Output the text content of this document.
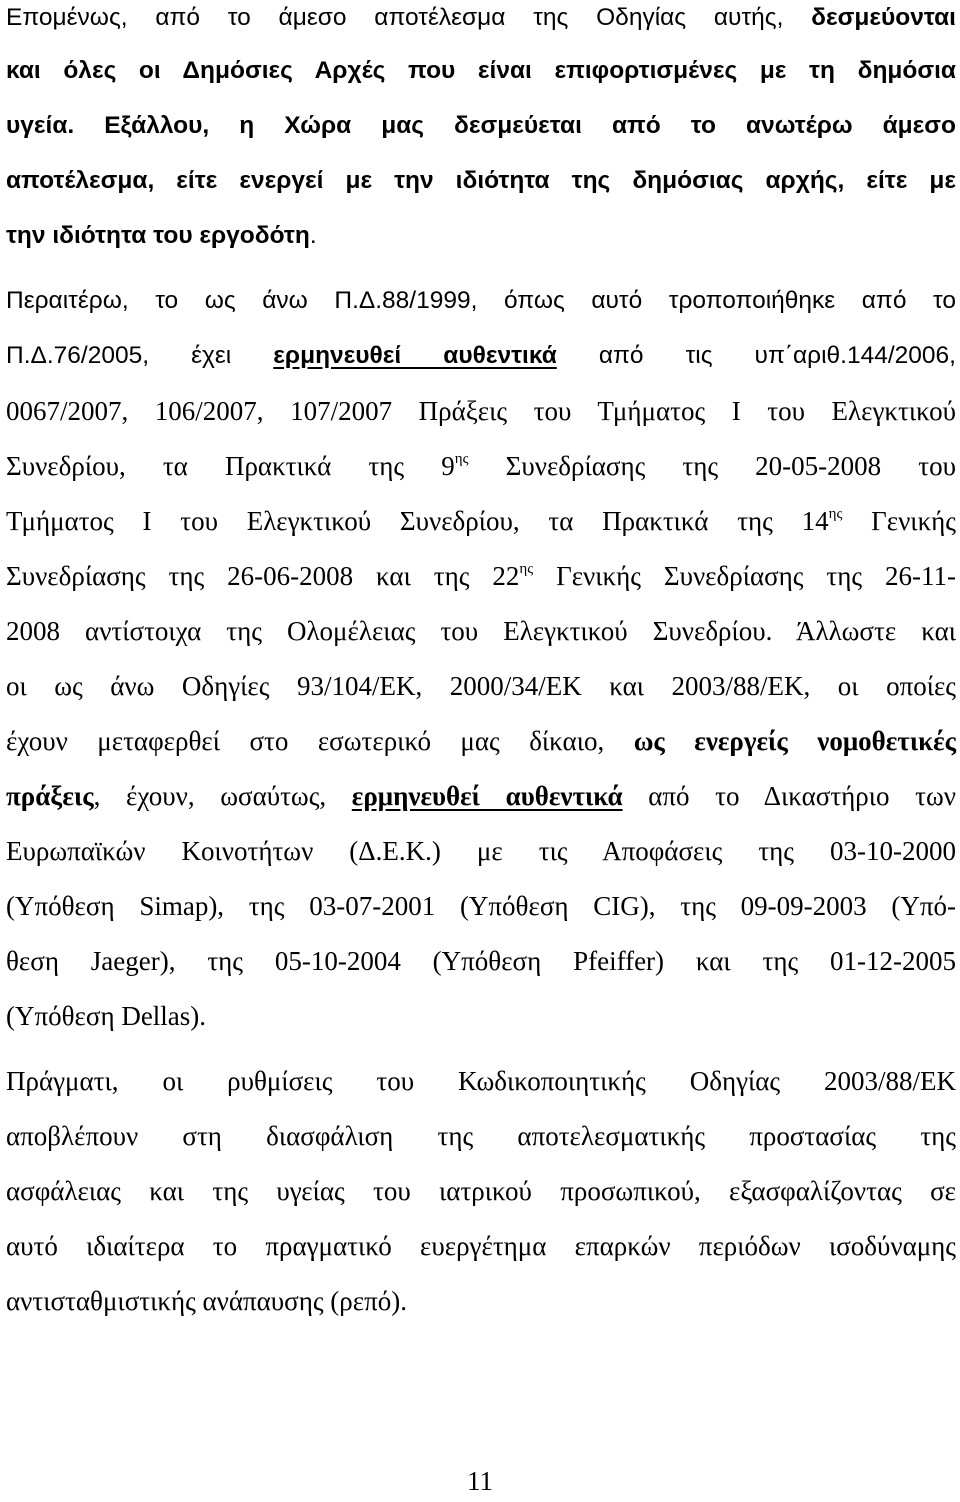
Επομένως, από το άμεσο αποτέλεσμα της Οδηγίας αυτής, δεσμεύονται
και όλες οι Δημόσιες Αρχές που είναι επιφορτισμένες με τη δημόσια
υγεία. Εξάλλου, η Χώρα μας δεσμεύεται από το ανωτέρω άμεσο
αποτέλεσμα, είτε ενεργεί με την ιδιότητα της δημόσιας αρχής, είτε με
την ιδιότητα του εργοδότη.
Περαιτέρω, το ως άνω Π.Δ.88/1999, όπως αυτό τροποποιήθηκε από το
Π.Δ.76/2005, έχει ερμηνευθεί αυθεντικά από τις υπ΄αριθ.144/2006,
0067/2007, 106/2007, 107/2007 Πράξεις του Τμήματος Ι του Ελεγκτικού
Συνεδρίου, τα Πρακτικά της $9^{\eta\varsigma}$ Συνεδρίασης της 20-05-2008 του
Τμήματος Ι του Ελεγκτικού Συνεδρίου, τα Πρακτικά της $14^{\eta\varsigma}$ Γενικής
Συνεδρίασης της 26-06-2008 και της $22^{\eta\varsigma}$ Γενικής Συνεδρίασης της 26-11-
2008 αντίστοιχα της Ολομέλειας του Ελεγκτικού Συνεδρίου. Άλλωστε και
οι ως άνω Οδηγίες 93/104/ΕΚ, 2000/34/ΕΚ και 2003/88/ΕΚ, οι οποίες
έχουν μεταφερθεί στο εσωτερικό μας δίκαιο, ως ενεργείς νομοθετικές
πράξεις, έχουν, ωσαύτως, ερμηνευθεί αυθεντικά από το Δικαστήριο των
Ευρωπαϊκών Κοινοτήτων (Δ.Ε.Κ.) με τις Αποφάσεις της 03-10-2000
(Υπόθεση Simap), της 03-07-2001 (Υπόθεση CIG), της 09-09-2003 (Υπό-
θεση Jaeger), της 05-10-2004 (Υπόθεση Pfeiffer) και της 01-12-2005
(Υπόθεση Dellas).
Πράγματι, οι ρυθμίσεις του Κωδικοποιητικής Οδηγίας 2003/88/ΕΚ
αποβλέπουν στη διασφάλιση της αποτελεσματικής προστασίας της
ασφάλειας και της υγείας του ιατρικού προσωπικού, εξασφαλίζοντας σε
αυτό ιδιαίτερα το πραγματικό ευεργέτημα επαρκών περιόδων ισοδύναμης
αντισταθμιστικής ανάπαυσης (ρεπό).
11
